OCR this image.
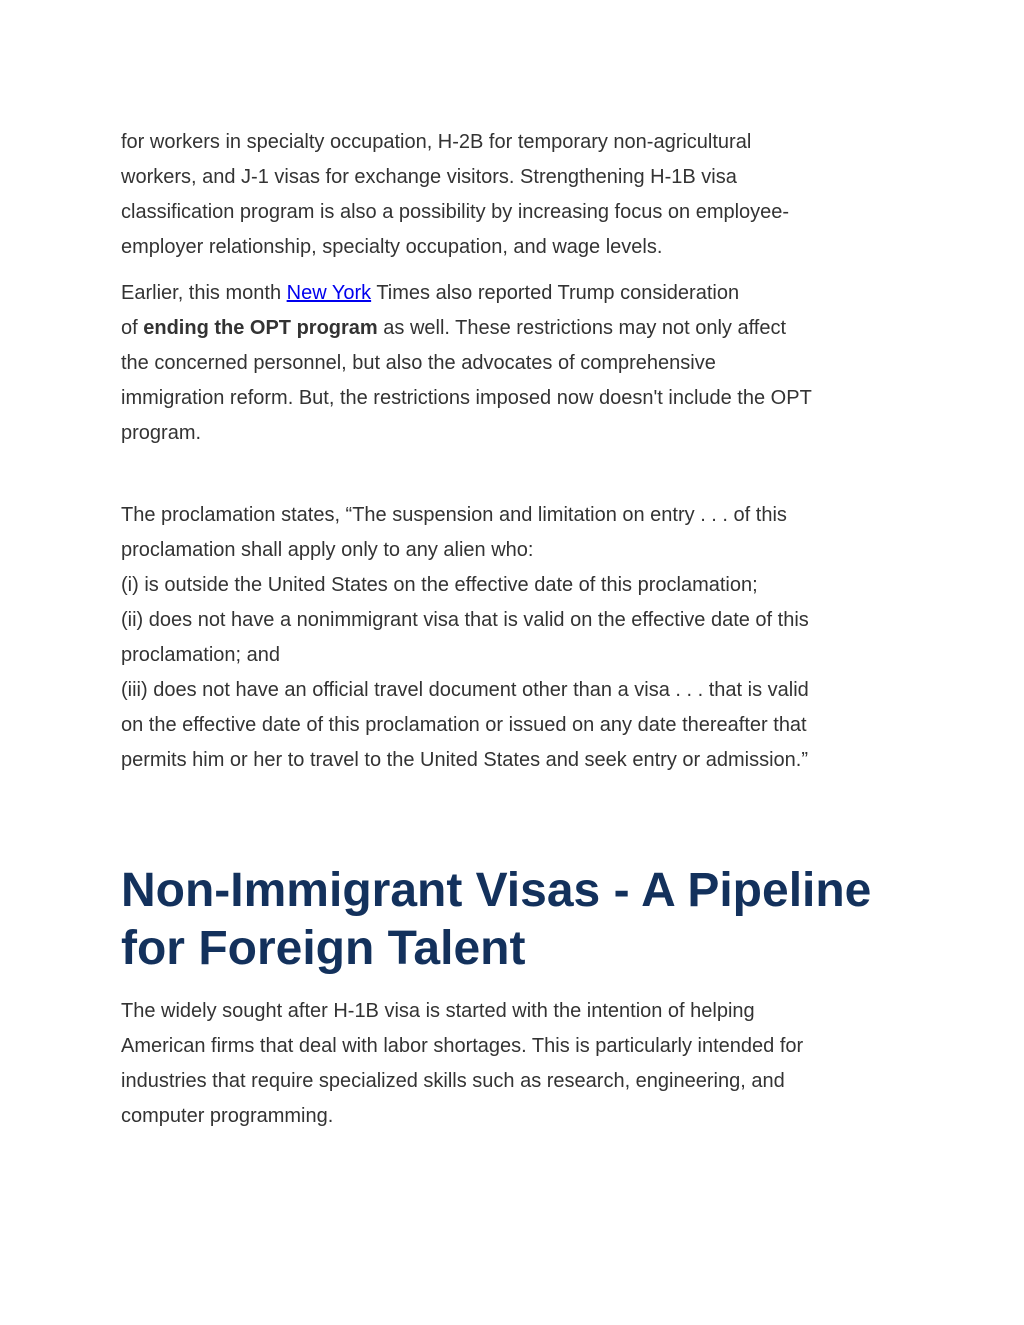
for workers in specialty occupation, H-2B for temporary non-agricultural
workers, and J-1 visas for exchange visitors. Strengthening H-1B visa
classification program is also a possibility by increasing focus on employee-
employer relationship, specialty occupation, and wage levels.

Earlier, this month New York Times also reported Trump consideration
of ending the OPT program as well. These restrictions may not only affect
the concerned personnel, but also the advocates of comprehensive
immigration reform. But, the restrictions imposed now doesn't include the OPT
program.

The proclamation states, “The suspension and limitation on entry . . . of this
proclamation shall apply only to any alien who:
(i) is outside the United States on the effective date of this proclamation;
(ii) does not have a nonimmigrant visa that is valid on the effective date of this
proclamation; and
(iii) does not have an official travel document other than a visa . . . that is valid
on the effective date of this proclamation or issued on any date thereafter that
permits him or her to travel to the United States and seek entry or admission.”

Non-Immigrant Visas - A Pipeline
for Foreign Talent

The widely sought after H-1B visa is started with the intention of helping
American firms that deal with labor shortages. This is particularly intended for
industries that require specialized skills such as research, engineering, and
computer programming.
